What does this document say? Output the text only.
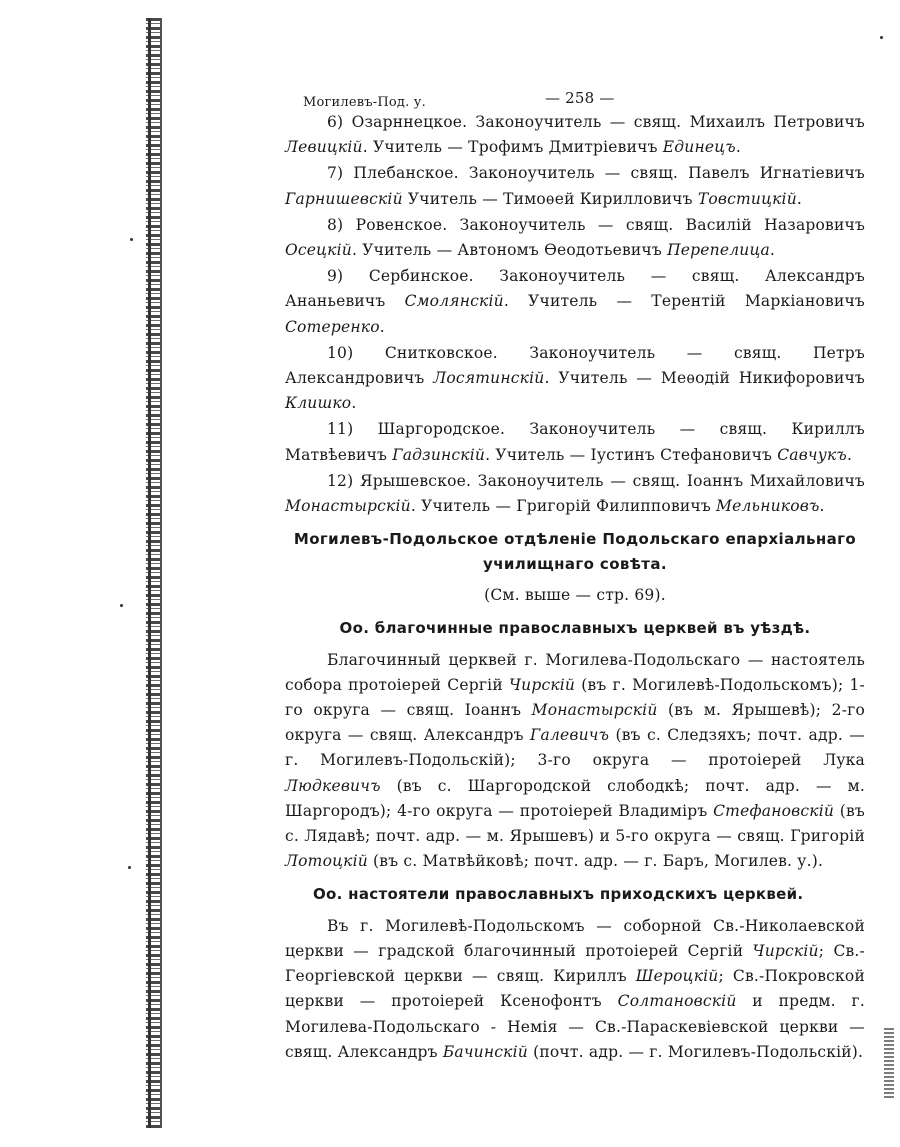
Могилевъ-Под. у.	— 258 —

6) Озарннецкое. Законоучитель — свящ. Михаилъ Петровичъ Левицкій. Учитель — Трофимъ Дмитріевичъ Единецъ.

7) Плебанское. Законоучитель — свящ. Павелъ Игнатіевичъ Гарнишевскій Учитель — Тимоѳей Кирилловичъ Товстицкій.

8) Ровенское. Законоучитель — свящ. Василій Назаровичъ Осецкій. Учитель — Автономъ Ѳеодотьевичъ Перепелица.

9) Сербинское. Законоучитель — свящ. Александръ Ананьевичъ Смолянскій. Учитель — Терентій Маркіановичъ Сотеренко.

10) Снитковское. Законоучитель — свящ. Петръ Александровичъ Лосятинскій. Учитель — Меѳодій Никифоровичъ Клишко.

11) Шаргородское. Законоучитель — свящ. Кириллъ Матвѣевичъ Гадзинскій. Учитель — Іустинъ Стефановичъ Савчукъ.

12) Ярышевское. Законоучитель — свящ. Іоаннъ Михайловичъ Монастырскій. Учитель — Григорій Филипповичъ Мельниковъ.

Могилевъ-Подольское отдѣленіе Подольскаго епархіальнаго училищнаго совѣта.
(См. выше — стр. 69).
Оо. благочинные православныхъ церквей въ уѣздѣ.

Благочинный церквей г. Могилева-Подольскаго — настоятель собора протоіерей Сергій Чирскій (въ г. Могилевѣ-Подольскомъ); 1-го округа — свящ. Іоаннъ Монастырскій (въ м. Ярышевѣ); 2-го округа — свящ. Александръ Галевичъ (въ с. Следзяхъ; почт. адр. — г. Могилевъ-Подольскій); 3-го округа — протоіерей Лука Людкевичъ (въ с. Шаргородской слободкѣ; почт. адр. — м. Шаргородъ); 4-го округа — протоіерей Владиміръ Стефановскій (въ с. Лядавѣ; почт. адр. — м. Ярышевъ) и 5-го округа — свящ. Григорій Лотоцкій (въ с. Матвѣйковѣ; почт. адр. — г. Баръ, Могилев. у.).

Оо. настоятели православныхъ приходскихъ церквей.

Въ г. Могилевѣ-Подольскомъ — соборной Св.-Николаевской церкви — градской благочинный протоіерей Сергій Чирскій; Св.-Георгіевской церкви — свящ. Кириллъ Шероцкій; Св.-Покровской церкви — протоіерей Ксенофонтъ Солтановскій и предм. г. Могилева-Подольскаго - Немія — Св.-Параскевіевской церкви — свящ. Александръ Бачинскій (почт. адр. — г. Могилевъ-Подольскій).
